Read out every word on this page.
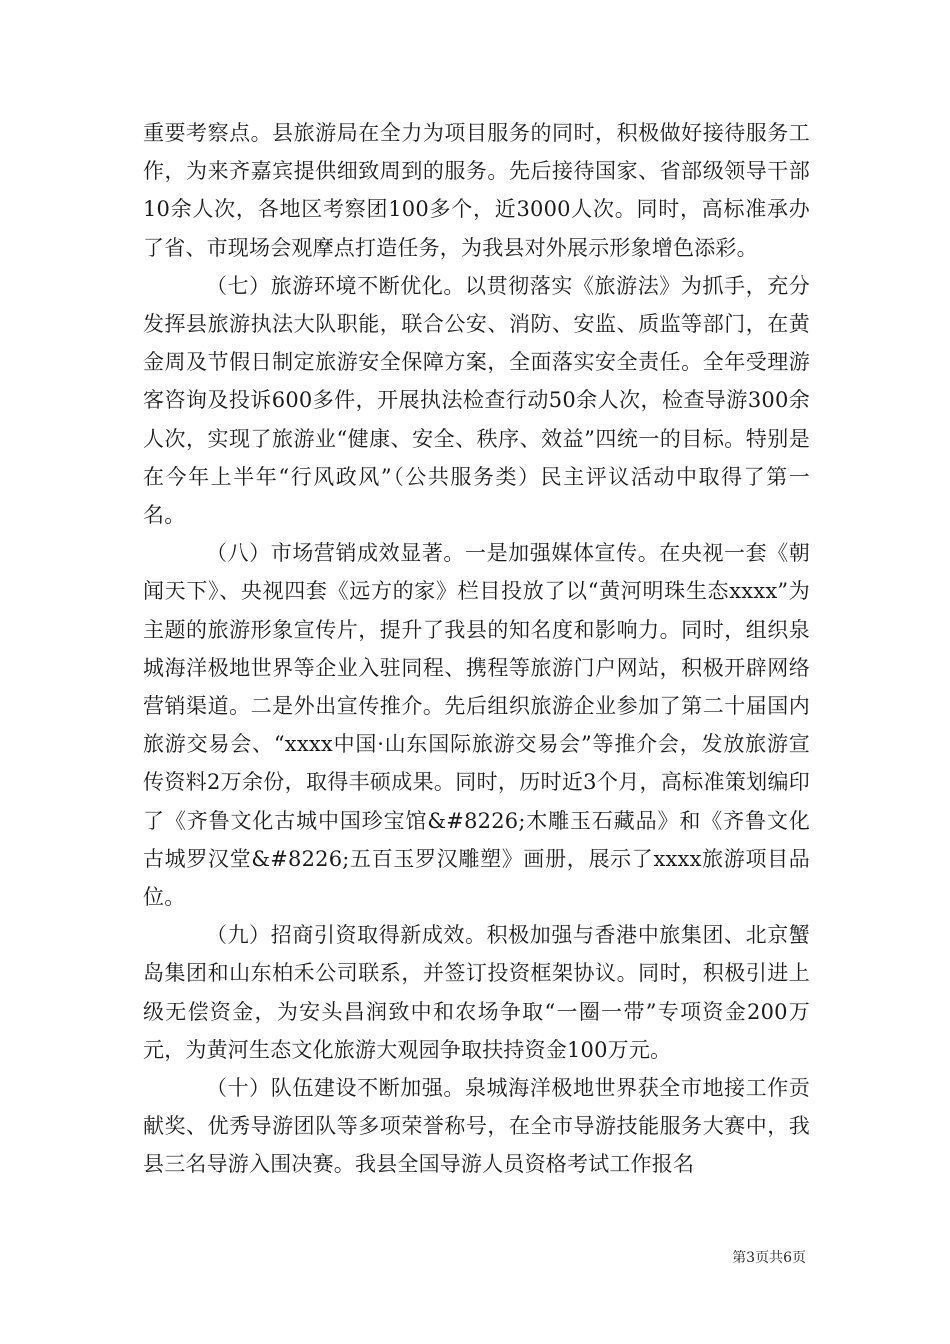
重要考察点。县旅游局在全力为项目服务的同时，积极做好接待服务工作，为来齐嘉宾提供细致周到的服务。先后接待国家、省部级领导干部10余人次，各地区考察团100多个，近3000人次。同时，高标准承办了省、市现场会观摩点打造任务，为我县对外展示形象增色添彩。

（七）旅游环境不断优化。以贯彻落实《旅游法》为抓手，充分发挥县旅游执法大队职能，联合公安、消防、安监、质监等部门，在黄金周及节假日制定旅游安全保障方案，全面落实安全责任。全年受理游客咨询及投诉600多件，开展执法检查行动50余人次，检查导游300余人次，实现了旅游业“健康、安全、秩序、效益”四统一的目标。特别是在今年上半年“行风政风”（公共服务类）民主评议活动中取得了第一名。

（八）市场营销成效显著。一是加强媒体宣传。在央视一套《朝闻天下》、央视四套《远方的家》栏目投放了以“黄河明珠生态xxxx”为主题的旅游形象宣传片，提升了我县的知名度和影响力。同时，组织泉城海洋极地世界等企业入驻同程、携程等旅游门户网站，积极开辟网络营销渠道。二是外出宣传推介。先后组织旅游企业参加了第二十届国内旅游交易会、“xxxx中国·山东国际旅游交易会”等推介会，发放旅游宣传资料2万余份，取得丰硕成果。同时，历时近3个月，高标准策划编印了《齐鲁文化古城中国珍宝馆&#8226;木雕玉石藏品》和《齐鲁文化古城罗汉堂&#8226;五百玉罗汉雕塑》画册，展示了xxxx旅游项目品位。

（九）招商引资取得新成效。积极加强与香港中旅集团、北京蟹岛集团和山东柏禾公司联系，并签订投资框架协议。同时，积极引进上级无偿资金，为安头昌润致中和农场争取“一圈一带”专项资金200万元，为黄河生态文化旅游大观园争取扶持资金100万元。

（十）队伍建设不断加强。泉城海洋极地世界获全市地接工作贡献奖、优秀导游团队等多项荣誉称号，在全市导游技能服务大赛中，我县三名导游入围决赛。我县全国导游人员资格考试工作报名

第3页共6页
